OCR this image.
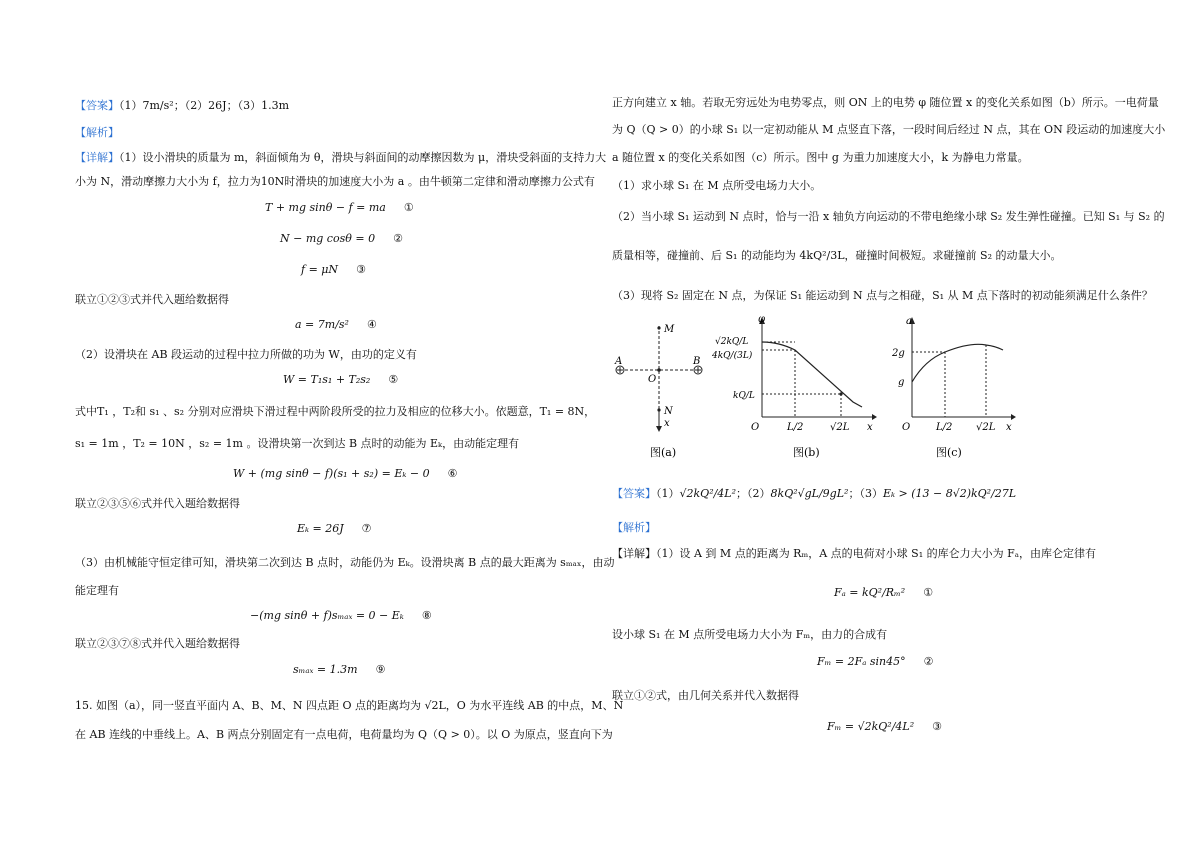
【答案】（1）7m/s²；（2）26J；（3）1.3m
【解析】
【详解】（1）设小滑块的质量为 m，斜面倾角为 θ，滑块与斜面间的动摩擦因数为 μ，滑块受斜面的支持力大
小为 N，滑动摩擦力大小为 f，拉力为10N时滑块的加速度大小为 a 。由牛顿第二定律和滑动摩擦力公式有
T + mg sinθ − f = ma ①
N − mg cosθ = 0 ②
f = μN ③
联立①②③式并代入题给数据得
a = 7m/s² ④
（2）设滑块在 AB 段运动的过程中拉力所做的功为 W，由功的定义有
W = T₁s₁ + T₂s₂ ⑤
式中T₁ ，T₂和 s₁ 、s₂ 分别对应滑块下滑过程中两阶段所受的拉力及相应的位移大小。依题意，T₁ = 8N，
s₁ = 1m ，T₂ = 10N ，s₂ = 1m 。设滑块第一次到达 B 点时的动能为 Eₖ，由动能定理有
W + (mg sinθ − f)(s₁ + s₂) = Eₖ − 0 ⑥
联立②③⑤⑥式并代入题给数据得
Eₖ = 26J ⑦
（3）由机械能守恒定律可知，滑块第二次到达 B 点时，动能仍为 Eₖ。设滑块离 B 点的最大距离为 sₘₐₓ，由动
能定理有
−(mg sinθ + f)sₘₐₓ = 0 − Eₖ ⑧
联立②③⑦⑧式并代入题给数据得
sₘₐₓ = 1.3m ⑨
15. 如图（a），同一竖直平面内 A、B、M、N 四点距 O 点的距离均为 √2L，O 为水平连线 AB 的中点，M、N
在 AB 连线的中垂线上。A、B 两点分别固定有一点电荷，电荷量均为 Q（Q > 0）。以 O 为原点，竖直向下为
正方向建立 x 轴。若取无穷远处为电势零点，则 ON 上的电势 φ 随位置 x 的变化关系如图（b）所示。一电荷量
为 Q（Q > 0）的小球 S₁ 以一定初动能从 M 点竖直下落，一段时间后经过 N 点，其在 ON 段运动的加速度大小
a 随位置 x 的变化关系如图（c）所示。图中 g 为重力加速度大小，k 为静电力常量。
（1）求小球 S₁ 在 M 点所受电场力大小。
（2）当小球 S₁ 运动到 N 点时，恰与一沿 x 轴负方向运动的不带电绝缘小球 S₂ 发生弹性碰撞。已知 S₁ 与 S₂ 的
质量相等，碰撞前、后 S₁ 的动能均为 4kQ²/3L，碰撞时间极短。求碰撞前 S₂ 的动量大小。
（3）现将 S₂ 固定在 N 点，为保证 S₁ 能运动到 N 点与之相碰，S₁ 从 M 点下落时的初动能须满足什么条件？
M
N
x
A	B
O
图(a)
φ
√2kQ/L
4kQ/(3L)
kQ/L
O	L/2	√2L x
图(b)
a
2g
g
O	L/2 √2L x
图(c)
【答案】（1）√2kQ²/4L²；（2）8kQ²√gL/9gL²；（3）Eₖ > (13 − 8√2)kQ²/27L
【解析】
【详解】（1）设 A 到 M 点的距离为 Rₘ，A 点的电荷对小球 S₁ 的库仑力大小为 Fₐ，由库仑定律有
Fₐ = kQ²/Rₘ² ①
设小球 S₁ 在 M 点所受电场力大小为 Fₘ，由力的合成有
Fₘ = 2Fₐ sin45° ②
联立①②式，由几何关系并代入数据得
Fₘ = √2kQ²/4L² ③
